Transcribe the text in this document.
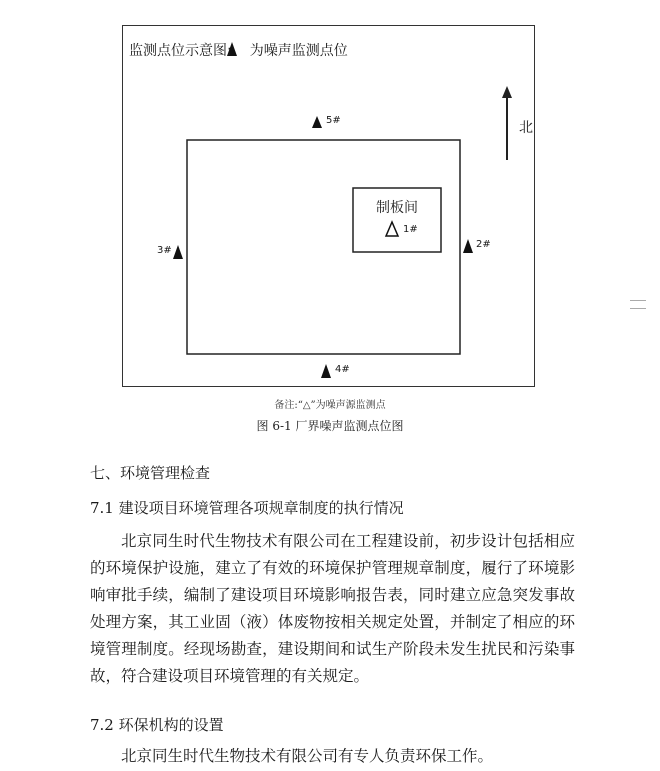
监测点位示意图: 为噪声监测点位
北
制板间
5#
3#
2#
4#
1#
备注:“△”为噪声源监测点
图 6-1 厂界噪声监测点位图
七、环境管理检查
7.1 建设项目环境管理各项规章制度的执行情况
北京同生时代生物技术有限公司在工程建设前，初步设计包括相应的环境保护设施，建立了有效的环境保护管理规章制度，履行了环境影响审批手续，编制了建设项目环境影响报告表，同时建立应急突发事故处理方案，其工业固（液）体废物按相关规定处置，并制定了相应的环境管理制度。经现场勘查，建设期间和试生产阶段未发生扰民和污染事故，符合建设项目环境管理的有关规定。
7.2 环保机构的设置
北京同生时代生物技术有限公司有专人负责环保工作。
